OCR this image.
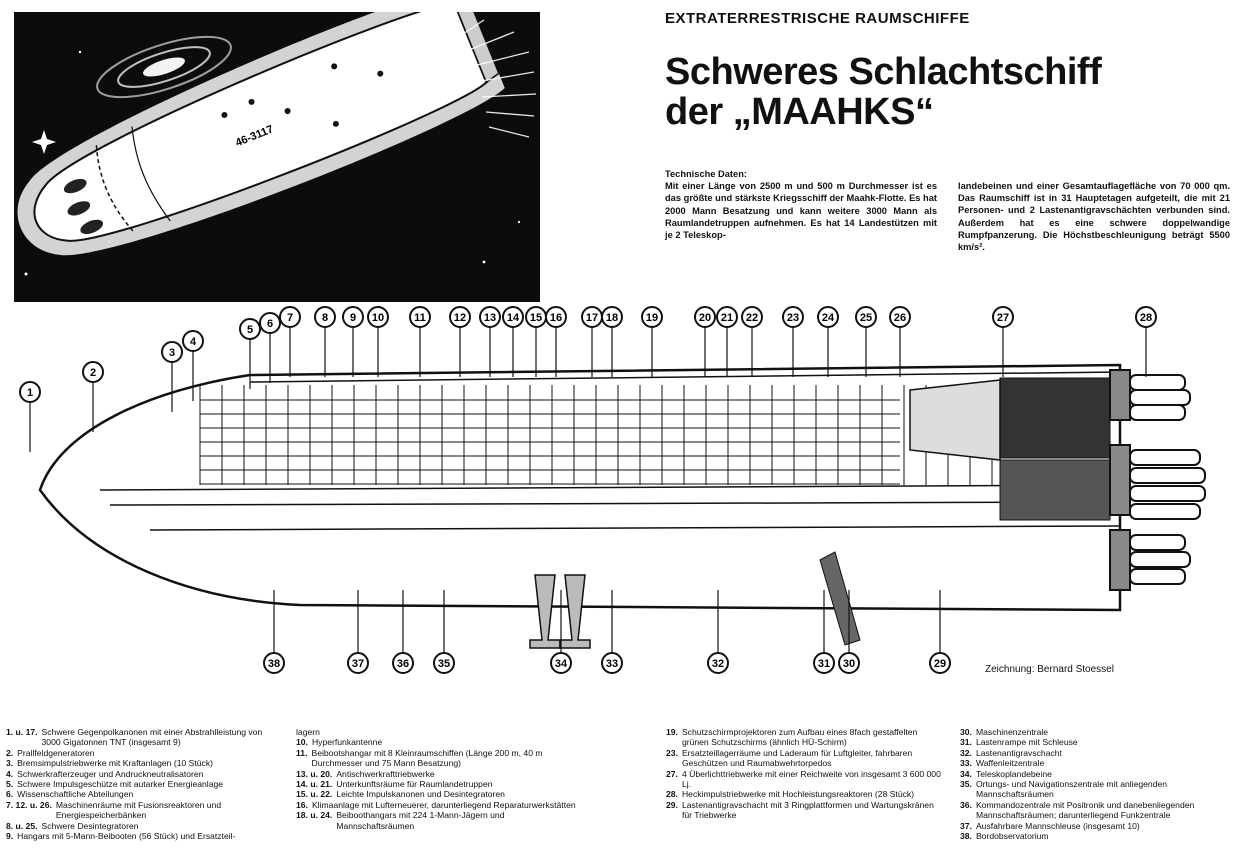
46-3117
EXTRATERRESTRISCHE RAUMSCHIFFE
Schweres Schlachtschiff
der „MAAHKS“
Technische Daten:
Mit einer Länge von 2500 m und 500 m Durchmesser ist es das größte und stärkste Kriegsschiff der Maahk-Flotte. Es hat 2000 Mann Besatzung und kann weitere 3000 Mann als Raumlandetruppen aufnehmen. Es hat 14 Landestützen mit je 2 Teleskop-
landebeinen und einer Gesamtauflagefläche von 70 000 qm. Das Raumschiff ist in 31 Hauptetagen aufgeteilt, die mit 21 Personen- und 2 Lastenantigravschächten verbunden sind. Außerdem hat es eine schwere doppelwandige Rumpfpanzerung. Die Höchstbeschleunigung beträgt 5500 km/s².
1
2
3
4
5 6 7	8 9 10	11	12 13 14 15 16 17 18	19	20 21 22	23 24 25 26	27	28
38	37	36	35	34	33	32	31 30	29	Zeichnung: Bernard Stoessel
1. u. 17. Schwere Gegenpolkanonen mit einer Abstrahlleistung von 3000 Gigatonnen TNT (insgesamt 9)
2. Prallfeldgeneratoren
3. Bremsimpulstriebwerke mit Kraftanlagen (10 Stück)
4. Schwerkrafterzeuger und Andruckneutralisatoren
5. Schwere Impulsgeschütze mit autarker Energieanlage
6. Wissenschaftliche Abteilungen
7. 12. u. 26. Maschinenräume mit Fusionsreaktoren und Energiespeicherbänken
8. u. 25. Schwere Desintegratoren
9. Hangars mit 5-Mann-Beibooten (56 Stück) und Ersatzteil-
lagern
10. Hyperfunkantenne
11. Beibootshangar mit 8 Kleinraumschiffen (Länge 200 m, 40 m Durchmesser und 75 Mann Besatzung)
13. u. 20. Antischwerkrafttriebwerke
14. u. 21. Unterkunftsräume für Raumlandetruppen
15. u. 22. Leichte Impulskanonen und Desintegratoren
16. Klimaanlage mit Lufterneuerer, darunterliegend Reparaturwerkstätten
18. u. 24. Beiboothangars mit 224 1-Mann-Jägern und Mannschaftsräumen
19. Schutzschirmprojektoren zum Aufbau eines 8fach gestaffelten grünen Schutzschirms (ähnlich HÜ-Schirm)
23. Ersatzteillagerräume und Laderaum für Luftgleiter, fahrbaren Geschützen und Raumabwehrtorpedos
27. 4 Überlichttriebwerke mit einer Reichweite von insgesamt 3 600 000 Lj.
28. Heckimpulstriebwerke mit Hochleistungsreaktoren (28 Stück)
29. Lastenantigravschacht mit 3 Ringplattformen und Wartungskränen für Triebwerke
30. Maschinenzentrale
31. Lastenrampe mit Schleuse
32. Lastenantigravschacht
33. Waffenleitzentrale
34. Teleskoplandebeine
35. Ortungs- und Navigationszentrale mit anliegenden Mannschaftsräumen
36. Kommandozentrale mit Positronik und danebenliegenden Mannschaftsräumen; darunterliegend Funkzentrale
37. Ausfahrbare Mannschleuse (insgesamt 10)
38. Bordobservatorium
